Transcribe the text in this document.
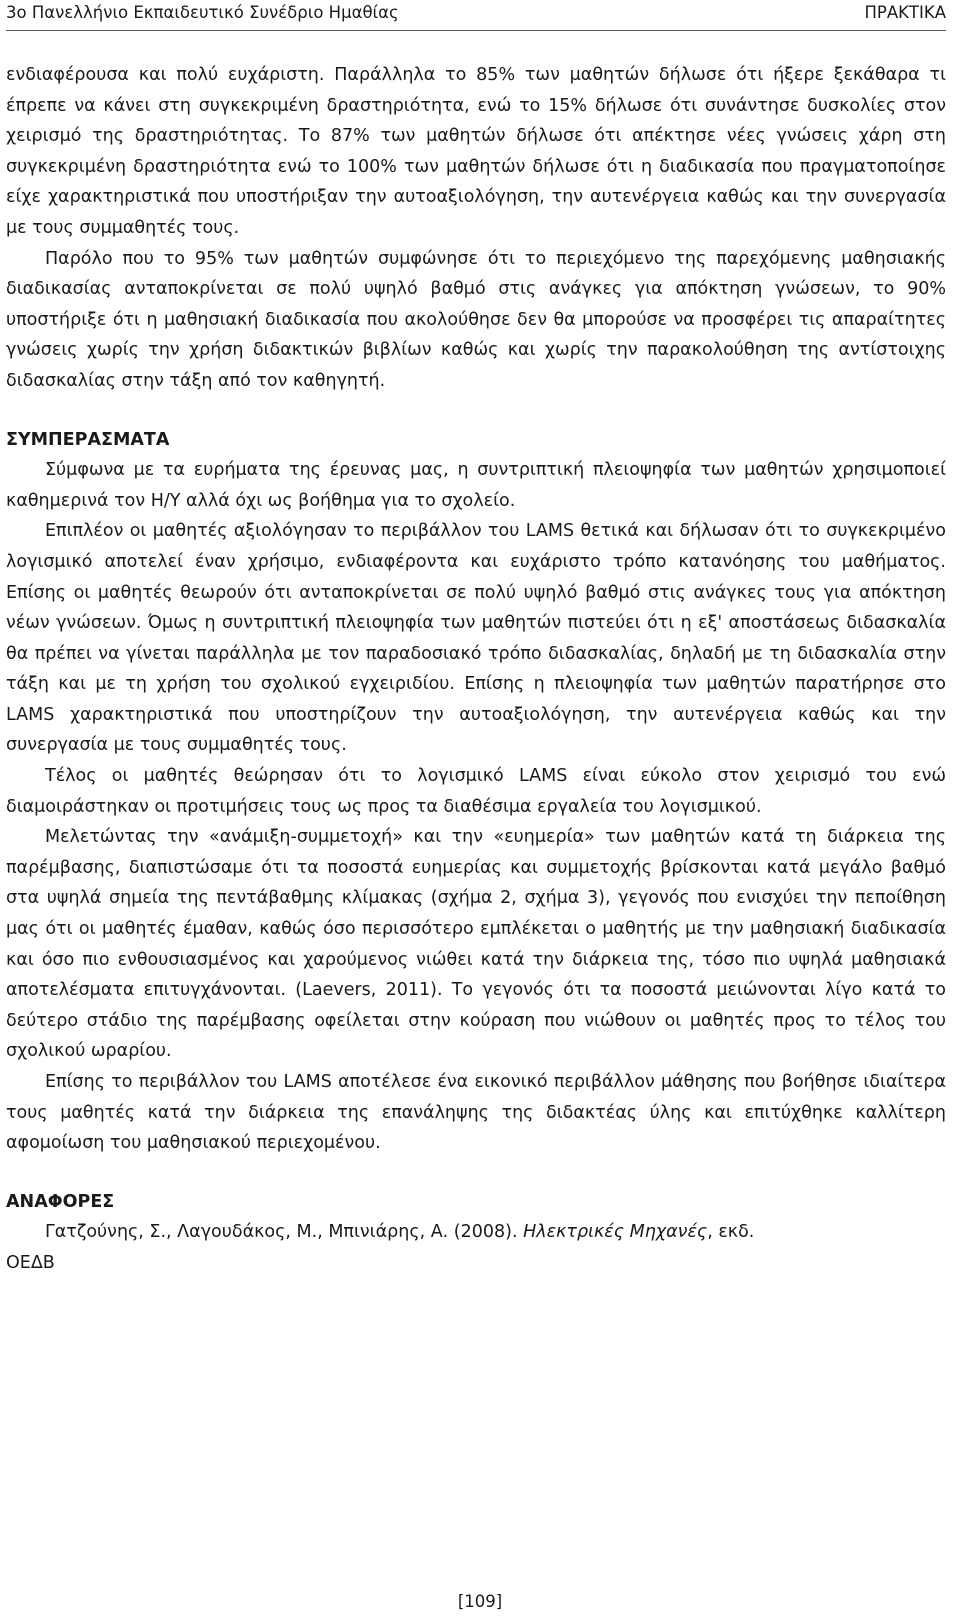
3ο Πανελλήνιο Εκπαιδευτικό Συνέδριο Ημαθίας	ΠΡΑΚΤΙΚΑ

ενδιαφέρουσα και πολύ ευχάριστη. Παράλληλα το 85% των μαθητών δήλωσε ότι ήξερε ξεκάθαρα τι έπρεπε να κάνει στη συγκεκριμένη δραστηριότητα, ενώ το 15% δήλωσε ότι συνάντησε δυσκολίες στον χειρισμό της δραστηριότητας. Το 87% των μαθητών δήλωσε ότι απέκτησε νέες γνώσεις χάρη στη συγκεκριμένη δραστηριότητα ενώ το 100% των μαθητών δήλωσε ότι η διαδικασία που πραγματοποίησε είχε χαρακτηριστικά που υποστήριξαν την αυτοαξιολόγηση, την αυτενέργεια καθώς και την συνεργασία με τους συμμαθητές τους.

Παρόλο που το 95% των μαθητών συμφώνησε ότι το περιεχόμενο της παρεχόμενης μαθησιακής διαδικασίας ανταποκρίνεται σε πολύ υψηλό βαθμό στις ανάγκες για απόκτηση γνώσεων, το 90% υποστήριξε ότι η μαθησιακή διαδικασία που ακολούθησε δεν θα μπορούσε να προσφέρει τις απαραίτητες γνώσεις χωρίς την χρήση διδακτικών βιβλίων καθώς και χωρίς την παρακολούθηση της αντίστοιχης διδασκαλίας στην τάξη από τον καθηγητή.

ΣΥΜΠΕΡΑΣΜΑΤΑ

Σύμφωνα με τα ευρήματα της έρευνας μας, η συντριπτική πλειοψηφία των μαθητών χρησιμοποιεί καθημερινά τον Η/Υ αλλά όχι ως βοήθημα για το σχολείο.

Επιπλέον οι μαθητές αξιολόγησαν το περιβάλλον του LAMS θετικά και δήλωσαν ότι το συγκεκριμένο λογισμικό αποτελεί έναν χρήσιμο, ενδιαφέροντα και ευχάριστο τρόπο κατανόησης του μαθήματος. Επίσης οι μαθητές θεωρούν ότι ανταποκρίνεται σε πολύ υψηλό βαθμό στις ανάγκες τους για απόκτηση νέων γνώσεων. Όμως η συντριπτική πλειοψηφία των μαθητών πιστεύει ότι η εξ' αποστάσεως διδασκαλία θα πρέπει να γίνεται παράλληλα με τον παραδοσιακό τρόπο διδασκαλίας, δηλαδή με τη διδασκαλία στην τάξη και με τη χρήση του σχολικού εγχειριδίου. Επίσης η πλειοψηφία των μαθητών παρατήρησε στο LAMS χαρακτηριστικά που υποστηρίζουν την αυτοαξιολόγηση, την αυτενέργεια καθώς και την συνεργασία με τους συμμαθητές τους.

Τέλος οι μαθητές θεώρησαν ότι το λογισμικό LAMS είναι εύκολο στον χειρισμό του ενώ διαμοιράστηκαν οι προτιμήσεις τους ως προς τα διαθέσιμα εργαλεία του λογισμικού.

Μελετώντας την «ανάμιξη-συμμετοχή» και την «ευημερία» των μαθητών κατά τη διάρκεια της παρέμβασης, διαπιστώσαμε ότι τα ποσοστά ευημερίας και συμμετοχής βρίσκονται κατά μεγάλο βαθμό στα υψηλά σημεία της πεντάβαθμης κλίμακας (σχήμα 2, σχήμα 3), γεγονός που ενισχύει την πεποίθηση μας ότι οι μαθητές έμαθαν, καθώς όσο περισσότερο εμπλέκεται ο μαθητής με την μαθησιακή διαδικασία και όσο πιο ενθουσιασμένος και χαρούμενος νιώθει κατά την διάρκεια της, τόσο πιο υψηλά μαθησιακά αποτελέσματα επιτυγχάνονται. (Laevers, 2011). Το γεγονός ότι τα ποσοστά μειώνονται λίγο κατά το δεύτερο στάδιο της παρέμβασης οφείλεται στην κούραση που νιώθουν οι μαθητές προς το τέλος του σχολικού ωραρίου.

Επίσης το περιβάλλον του LAMS αποτέλεσε ένα εικονικό περιβάλλον μάθησης που βοήθησε ιδιαίτερα τους μαθητές κατά την διάρκεια της επανάληψης της διδακτέας ύλης και επιτύχθηκε καλλίτερη αφομοίωση του μαθησιακού περιεχομένου.

ΑΝΑΦΟΡΕΣ

Γατζούνης, Σ., Λαγουδάκος, Μ., Μπινιάρης, Α. (2008). Ηλεκτρικές Μηχανές, εκδ.

ΟΕΔΒ

[109]
